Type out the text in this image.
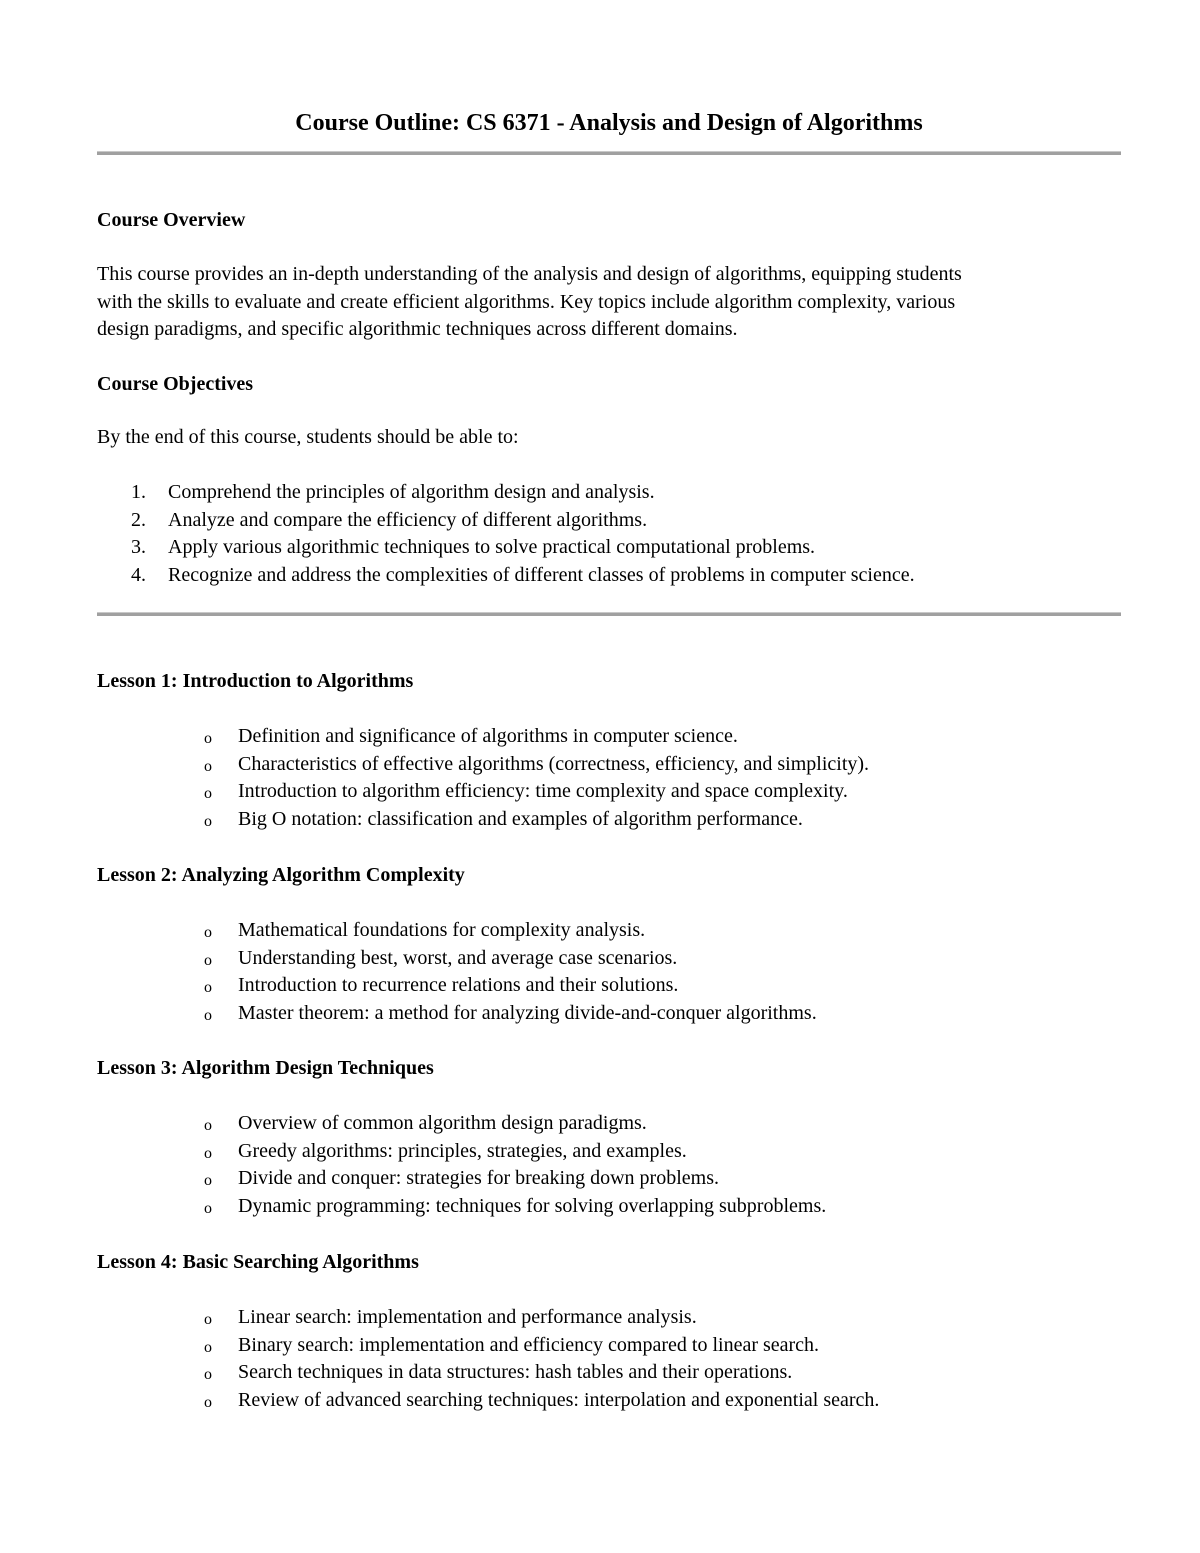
Course Outline: CS 6371 - Analysis and Design of Algorithms
Course Overview
This course provides an in-depth understanding of the analysis and design of algorithms, equipping students
with the skills to evaluate and create efficient algorithms. Key topics include algorithm complexity, various
design paradigms, and specific algorithmic techniques across different domains.
Course Objectives
By the end of this course, students should be able to:
1. Comprehend the principles of algorithm design and analysis.
2. Analyze and compare the efficiency of different algorithms.
3. Apply various algorithmic techniques to solve practical computational problems.
4. Recognize and address the complexities of different classes of problems in computer science.
Lesson 1: Introduction to Algorithms
o Definition and significance of algorithms in computer science.
o Characteristics of effective algorithms (correctness, efficiency, and simplicity).
o Introduction to algorithm efficiency: time complexity and space complexity.
o Big O notation: classification and examples of algorithm performance.
Lesson 2: Analyzing Algorithm Complexity
o Mathematical foundations for complexity analysis.
o Understanding best, worst, and average case scenarios.
o Introduction to recurrence relations and their solutions.
o Master theorem: a method for analyzing divide-and-conquer algorithms.
Lesson 3: Algorithm Design Techniques
o Overview of common algorithm design paradigms.
o Greedy algorithms: principles, strategies, and examples.
o Divide and conquer: strategies for breaking down problems.
o Dynamic programming: techniques for solving overlapping subproblems.
Lesson 4: Basic Searching Algorithms
o Linear search: implementation and performance analysis.
o Binary search: implementation and efficiency compared to linear search.
o Search techniques in data structures: hash tables and their operations.
o Review of advanced searching techniques: interpolation and exponential search.
